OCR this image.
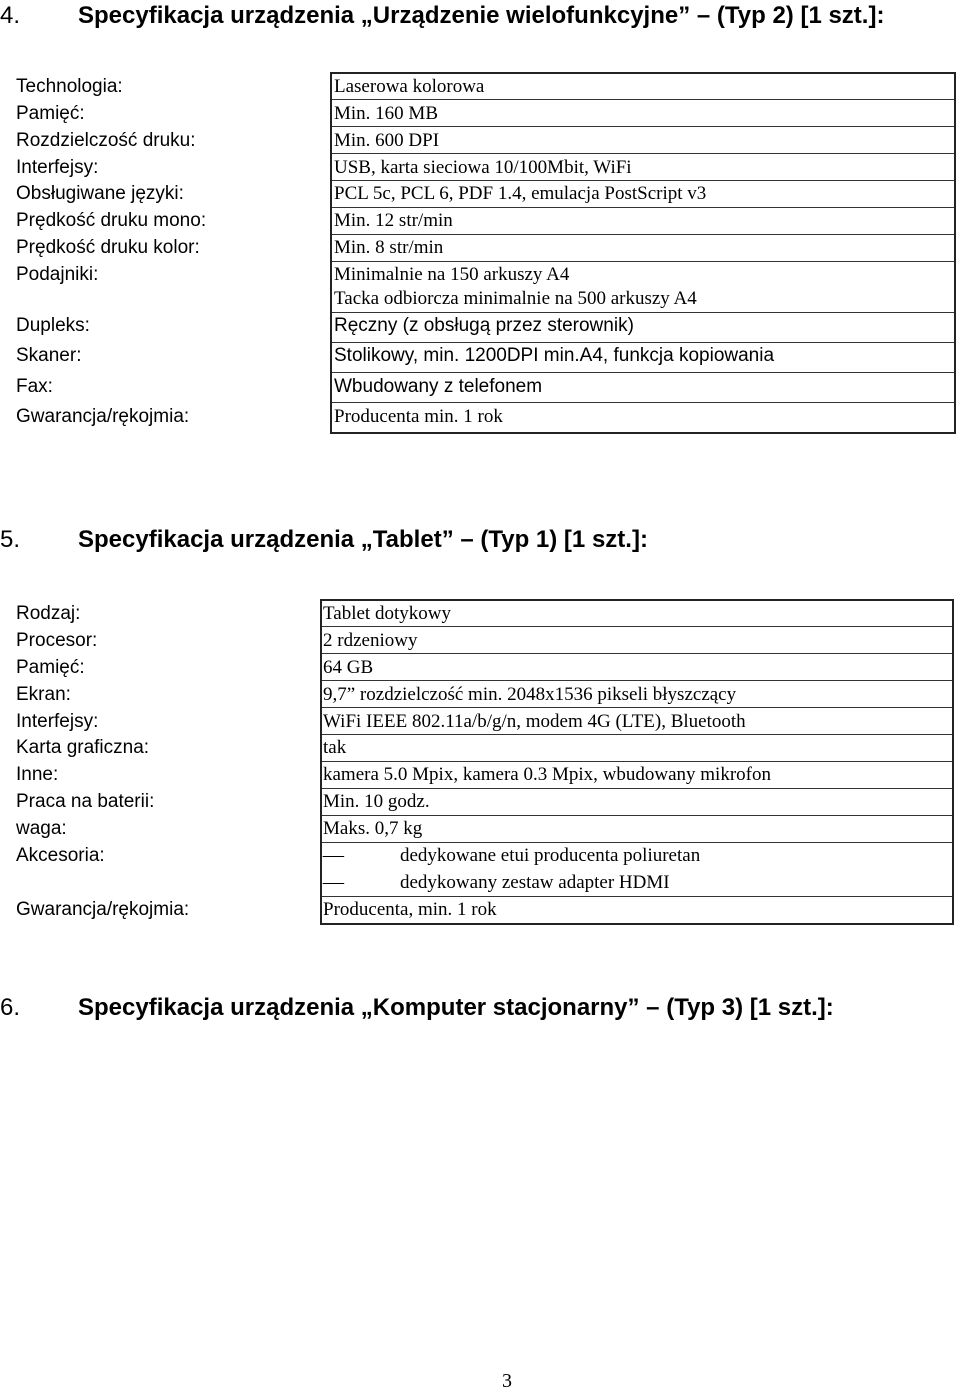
4. Specyfikacja urządzenia „Urządzenie wielofunkcyjne” – (Typ 2) [1 szt.]:
Technologia:	Laserowa kolorowa
Pamięć:	Min. 160 MB
Rozdzielczość druku:	Min. 600 DPI
Interfejsy:	USB, karta sieciowa 10/100Mbit, WiFi
Obsługiwane języki:	PCL 5c, PCL 6, PDF 1.4, emulacja PostScript v3
Prędkość druku mono:	Min. 12 str/min
Prędkość druku kolor:	Min. 8 str/min
Podajniki:	Minimalnie na 150 arkuszy A4
Tacka odbiorcza minimalnie na 500 arkuszy A4
Dupleks:	Ręczny (z obsługą przez sterownik)
Skaner:	Stolikowy, min. 1200DPI min.A4, funkcja kopiowania
Fax:	Wbudowany z telefonem
Gwarancja/rękojmia:	Producenta min. 1 rok
5. Specyfikacja urządzenia „Tablet” – (Typ 1) [1 szt.]:
Rodzaj:	Tablet dotykowy
Procesor:	2 rdzeniowy
Pamięć:	64 GB
Ekran:	9,7” rozdzielczość min. 2048x1536 pikseli błyszczący
Interfejsy:	WiFi IEEE 802.11a/b/g/n, modem 4G (LTE), Bluetooth
Karta graficzna:	tak
Inne:	kamera 5.0 Mpix, kamera 0.3 Mpix, wbudowany mikrofon
Praca na baterii:	Min. 10 godz.
waga:	Maks. 0,7 kg
Akcesoria:	–	dedykowane etui producenta poliuretan
–	dedykowany zestaw adapter HDMI
Gwarancja/rękojmia:	Producenta, min. 1 rok
6. Specyfikacja urządzenia „Komputer stacjonarny” – (Typ 3) [1 szt.]:
3
